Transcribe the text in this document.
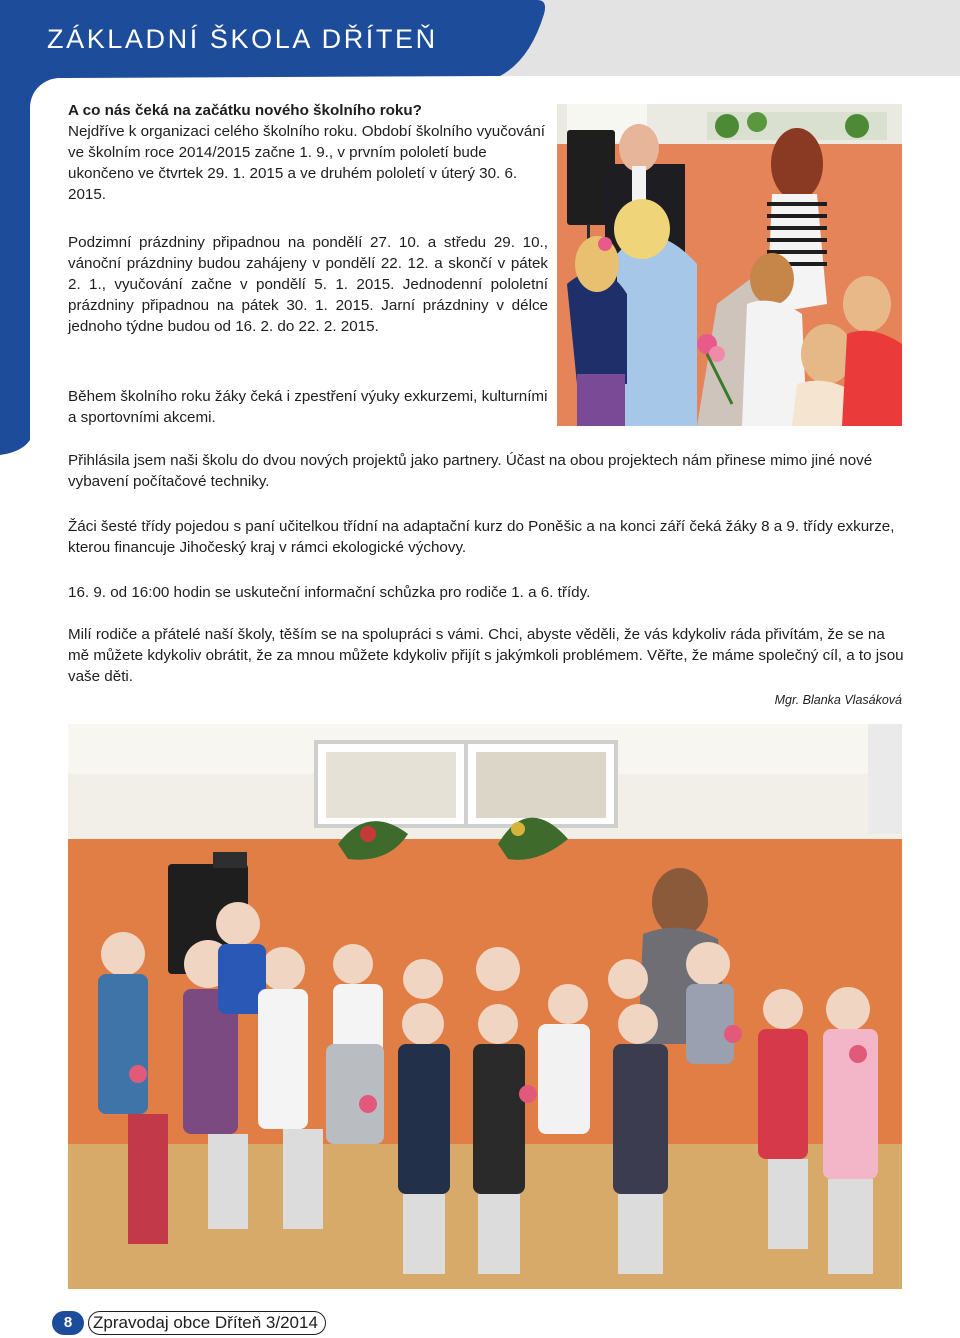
ZÁKLADNÍ ŠKOLA DŘÍTEŇ
A co nás čeká na začátku nového školního roku?
Nejdříve k organizaci celého školního roku. Období školního vyučování ve školním roce 2014/2015 začne 1. 9., v prvním pololetí bude ukončeno ve čtvrtek 29. 1. 2015 a ve druhém pololetí v úterý 30. 6. 2015.

Podzimní prázdniny připadnou na pondělí 27. 10. a středu 29. 10., vánoční prázdniny budou zahájeny v pondělí 22. 12. a skončí v pátek 2. 1., vyučování začne v pondělí 5. 1. 2015. Jednodenní pololetní prázdniny připadnou na pátek 30. 1. 2015. Jarní prázdniny v délce jednoho týdne budou od 16. 2. do 22. 2. 2015.

Během školního roku žáky čeká i zpestření výuky exkurzemi, kulturními a sportovními akcemi.

Přihlásila jsem naši školu do dvou nových projektů jako partnery. Účast na obou projektech nám přinese mimo jiné nové vybavení počítačové techniky.

Žáci šesté třídy pojedou s paní učitelkou třídní na adaptační kurz do Poněšic a na konci září čeká žáky 8 a 9. třídy exkurze, kterou financuje Jihočeský kraj v rámci ekologické výchovy.

16. 9. od 16:00 hodin se uskuteční informační schůzka pro rodiče 1. a 6. třídy.

Milí rodiče a přátelé naší školy, těším se na spolupráci s vámi. Chci, abyste věděli, že vás kdykoliv ráda přivítám, že se na mě můžete kdykoliv obrátit, že za mnou můžete kdykoliv přijít s jakýmkoli problémem. Věřte, že máme společný cíl, a to jsou vaše děti.

Mgr. Blanka Vlasáková
8	Zpravodaj obce Dříteň 3/2014
